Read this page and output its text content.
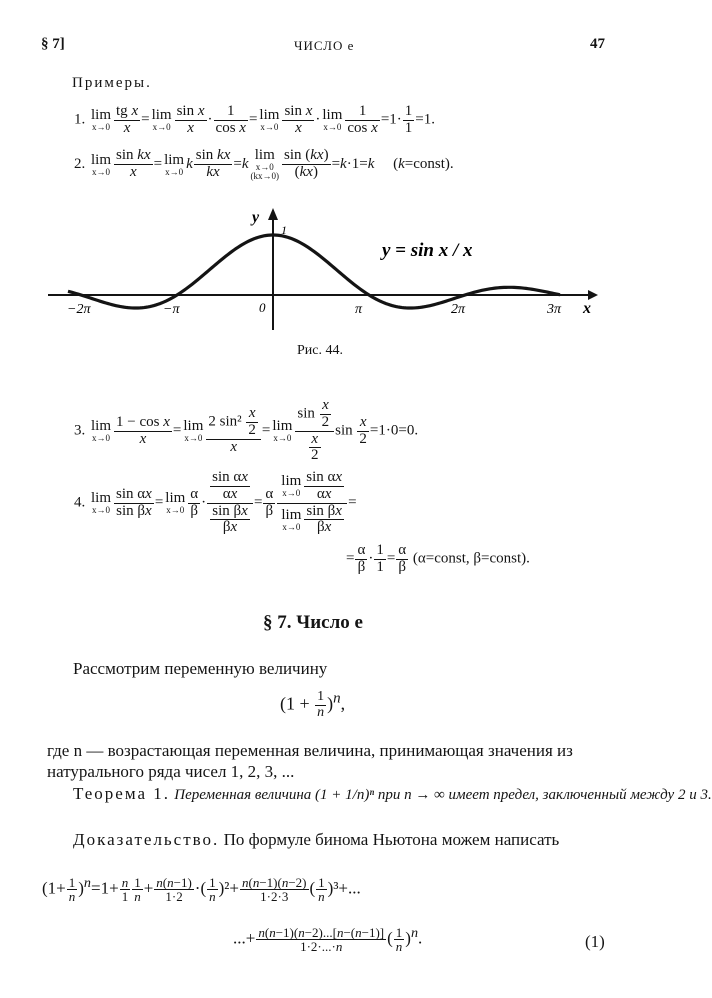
§ 7]	ЧИСЛО e	47
Примеры.
1. lim
$x\to 0 \frac{\text{tg x}}{x} = \lim$
$x\to 0 \frac{\text{sin x}}{x} \cdot \frac{1}{\text{cos x}} = \lim$
$x\to 0 \frac{\text{sin x}}{x} \cdot \lim$
$x\to 0 \frac{1}{\text{cos x}} =1\cdot \frac{1}{1} =1$.
2. lim
$x\to 0 \frac{\text{sin kx}}{x} = \lim$
x→0 k $\frac{\text{sin kx}}{kx} =klim$
x→0
$(kx\to 0) \frac{\sin (kx)}{(kx)} =k\cdot 1=k$     (k=const).
−2π	−π	π	2π	3π
y
1
0	x
y = sin x / x
Рис. 44.
3. lim
$x\to 0 \frac{\text{1 − cos x}}{x} = \lim$
$x\to 0 \frac{2 \sin^2 \frac{x}{2}}{x} = \lim$
$x\to 0 \frac{\sin \frac{x}{2}}{\frac{x}{2}}$ $\sin \frac{x}{2} =1\cdot 0=0$.
4. lim
$x\to 0 \frac{\text{sin αx}}{\text{sin βx}} = \lim$
$x\to 0 \frac{\alpha}{\beta} \cdot \frac{\frac{\text{sin αx}}{\alpha x}}{\frac{\text{sin βx}}{\beta x}} = \frac{\alpha}{\beta}$ lim
$x\to 0 \frac{\text{sin αx}}{\alpha x}$
lim
$x\to 0 \frac{\text{sin βx}}{\beta x}$ =
= $\frac{\alpha}{\beta} \cdot \frac{1}{1} = \frac{\alpha}{\beta}$ (α=const, β=const).
§ 7. Число e
Рассмотрим переменную величину
$(1 + \frac{1}{n} )^n$,
где n — возрастающая переменная величина, принимающая значения из натурального ряда чисел 1, 2, 3, ...
Теорема 1. Переменная величина (1 + 1/n)ⁿ при n → ∞ имеет предел, заключенный между 2 и 3.
Доказательство. По формуле бинома Ньютона можем написать
$(1+ \frac{1}{n} )^n=1+ \frac{n}{1} \frac{1}{n} + \frac{n(n-1)}{1\cdot 2}$ ·( $\frac{1}{n} )^2+ \frac{n(n-1)(n-2)}{1\cdot 2\cdot 3}$ ( $\frac{1}{n} )^3+$...
...+ $\frac{n(n-1)(n-2)...[n-(n-1)]}{1\cdot 2\cdot...\cdot n}$ ( $\frac{1}{n} )^n$.	(1)
